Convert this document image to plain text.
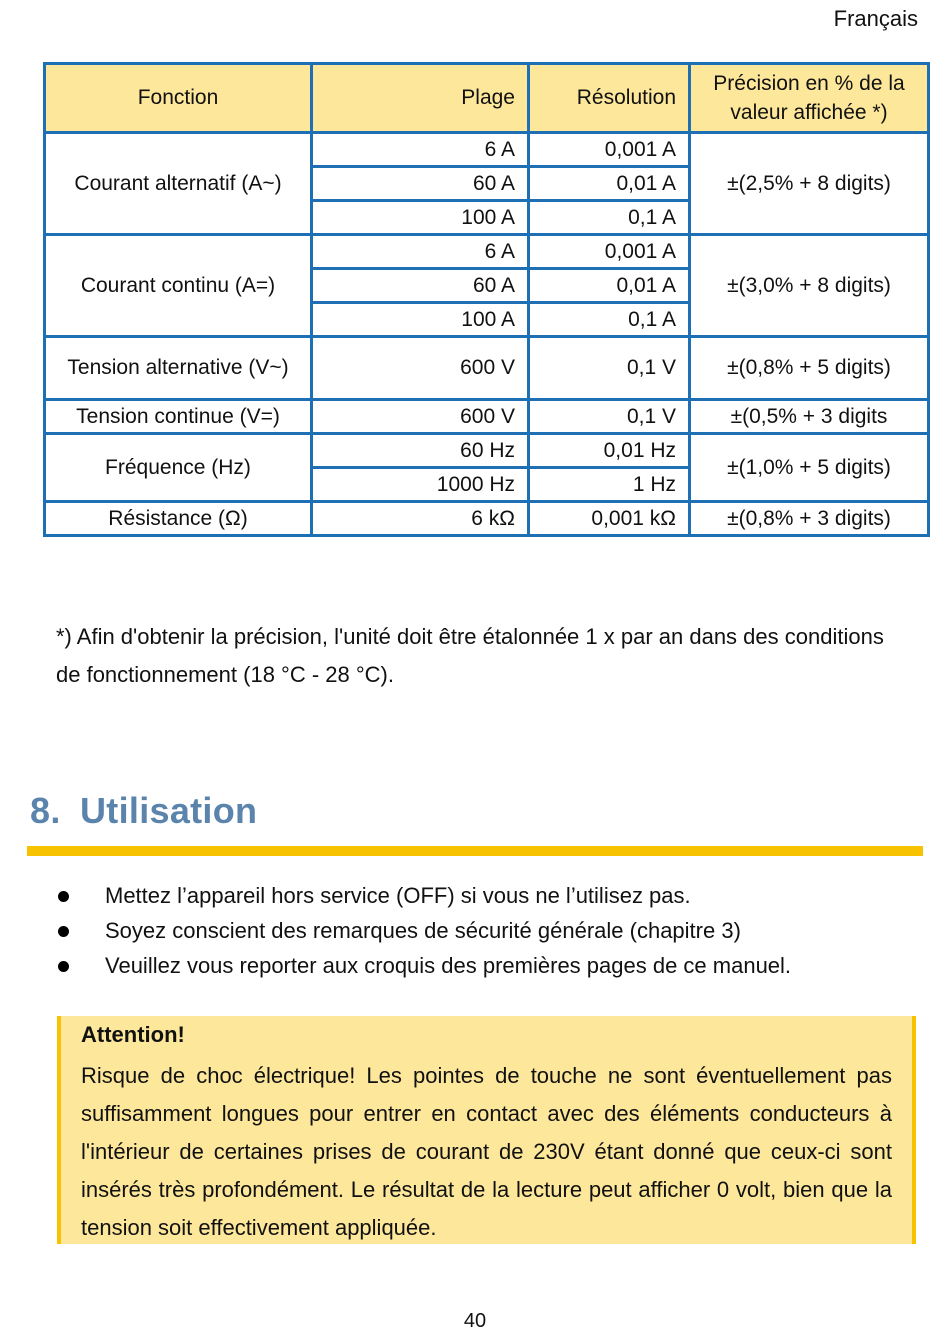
Français
Fonction	Plage	Résolution	Précision en % de la valeur affichée *)
Courant alternatif (A~)	6 A	0,001 A	±(2,5% + 8 digits)
	60 A	0,01 A	
	100 A	0,1 A	
Courant continu (A=)	6 A	0,001 A	±(3,0% + 8 digits)
	60 A	0,01 A	
	100 A	0,1 A	
Tension alternative (V~)	600 V	0,1 V	±(0,8% + 5 digits)
Tension continue (V=)	600 V	0,1 V	±(0,5% + 3 digits
Fréquence (Hz)	60 Hz	0,01 Hz	±(1,0% + 5 digits)
	1000 Hz	1 Hz	
Résistance (Ω)	6 kΩ	0,001 kΩ	±(0,8% + 3 digits)
*) Afin d'obtenir la précision, l'unité doit être étalonnée 1 x par an dans des conditions de fonctionnement (18 °C - 28 °C).
8. Utilisation
Mettez l’appareil hors service (OFF) si vous ne l’utilisez pas.
Soyez conscient des remarques de sécurité générale (chapitre 3)
Veuillez vous reporter aux croquis des premières pages de ce manuel.
Attention!
Risque de choc électrique! Les pointes de touche ne sont éventuellement pas suffisamment longues pour entrer en contact avec des éléments conducteurs à l'intérieur de certaines prises de courant de 230V étant donné que ceux-ci sont insérés très profondément. Le résultat de la lecture peut afficher 0 volt, bien que la tension soit effectivement appliquée.
40
